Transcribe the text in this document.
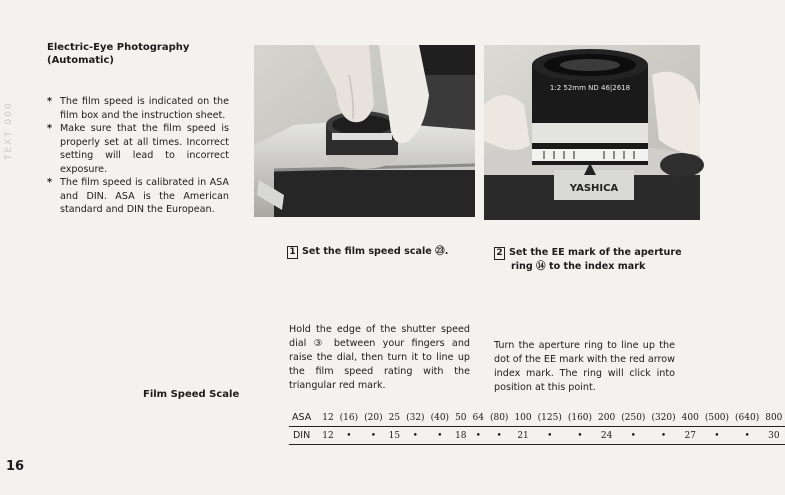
TEXT 000
Electric-Eye Photography
(Automatic)
* The film speed is indicated on the film box and the instruction sheet.
* Make sure that the film speed is properly set at all times. Incorrect setting will lead to incorrect exposure.
* The film speed is calibrated in ASA and DIN. ASA is the American standard and DIN the European.
YASHICA
1:2 52mm ND 46|2618
1 Set the film speed scale ㉓.	2 Set the EE mark of the aperture
ring ⑭ to the index mark
Hold the edge of the shutter speed dial ③ between your fingers and raise the dial, then turn it to line up the film speed rating with the triangular red mark.
Turn the aperture ring to line up the dot of the EE mark with the red arrow index mark. The ring will click into position at this point.
Film Speed Scale
ASA	12	(16)	(20)	25	(32)	(40)	50	64	(80)	100	(125)	(160)	200	(250)	(320)	400	(500)	(640)	800
DIN	12	•	•	15	•	•	18	•	•	21	•	•	24	•	•	27	•	•	30
16
